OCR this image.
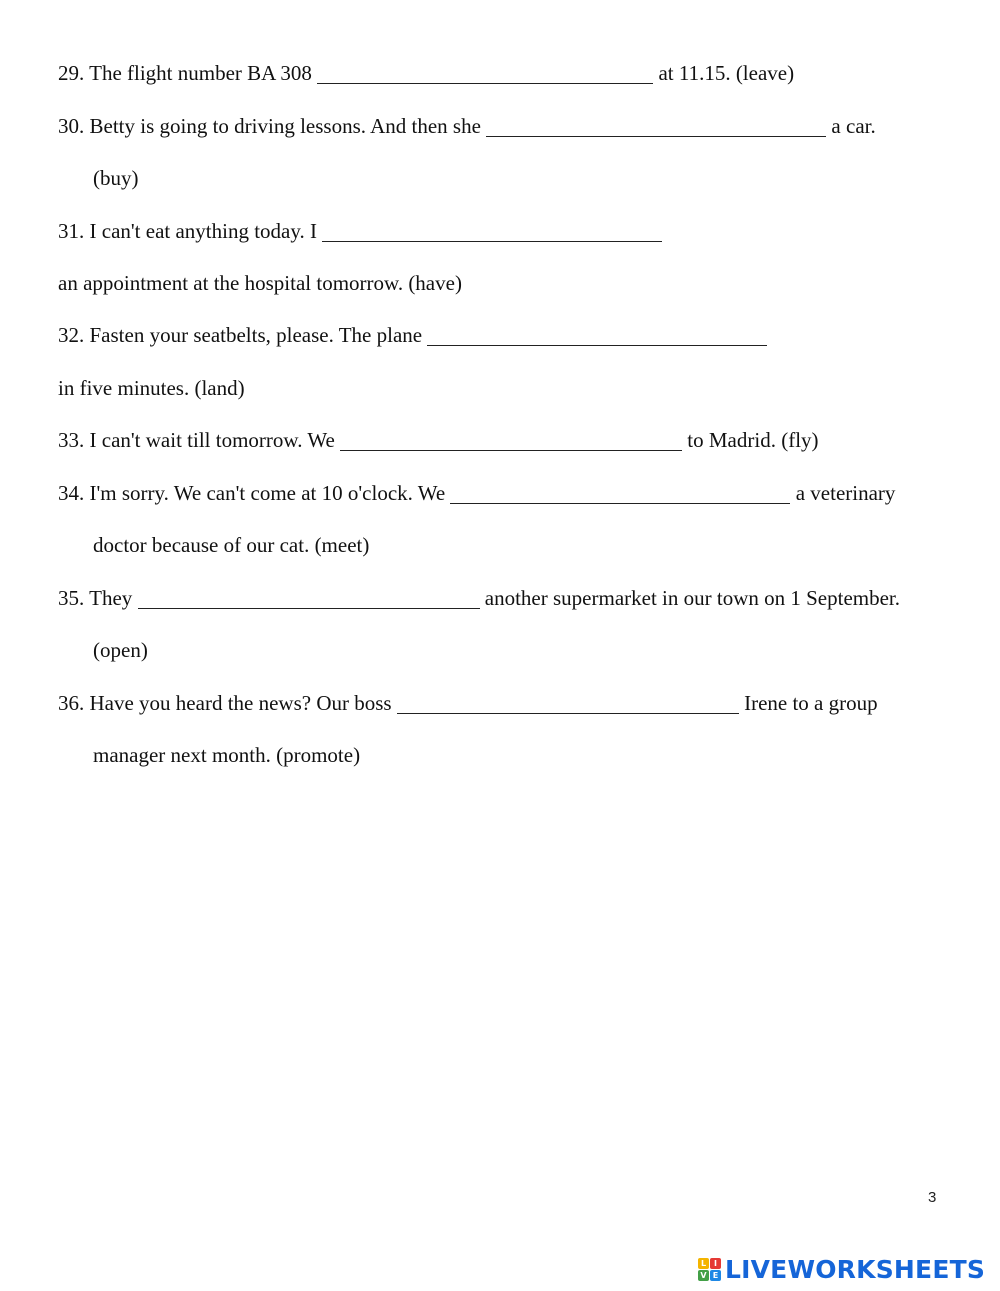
29. The flight number BA 308	at 11.15. (leave)
30. Betty is going to driving lessons. And then she	a car.
(buy)
31. I can't eat anything today. I
an appointment at the hospital tomorrow. (have)
32. Fasten your seatbelts, please. The plane
in five minutes. (land)
33. I can't wait till tomorrow. We	to Madrid. (fly)
34. I'm sorry. We can't come at 10 o'clock. We	a veterinary
doctor because of our cat. (meet)
35. They	another supermarket in our town on 1 September.
(open)
36. Have you heard the news? Our boss	Irene to a group
manager next month. (promote)
3
L I
V E LIVEWORKSHEETS
